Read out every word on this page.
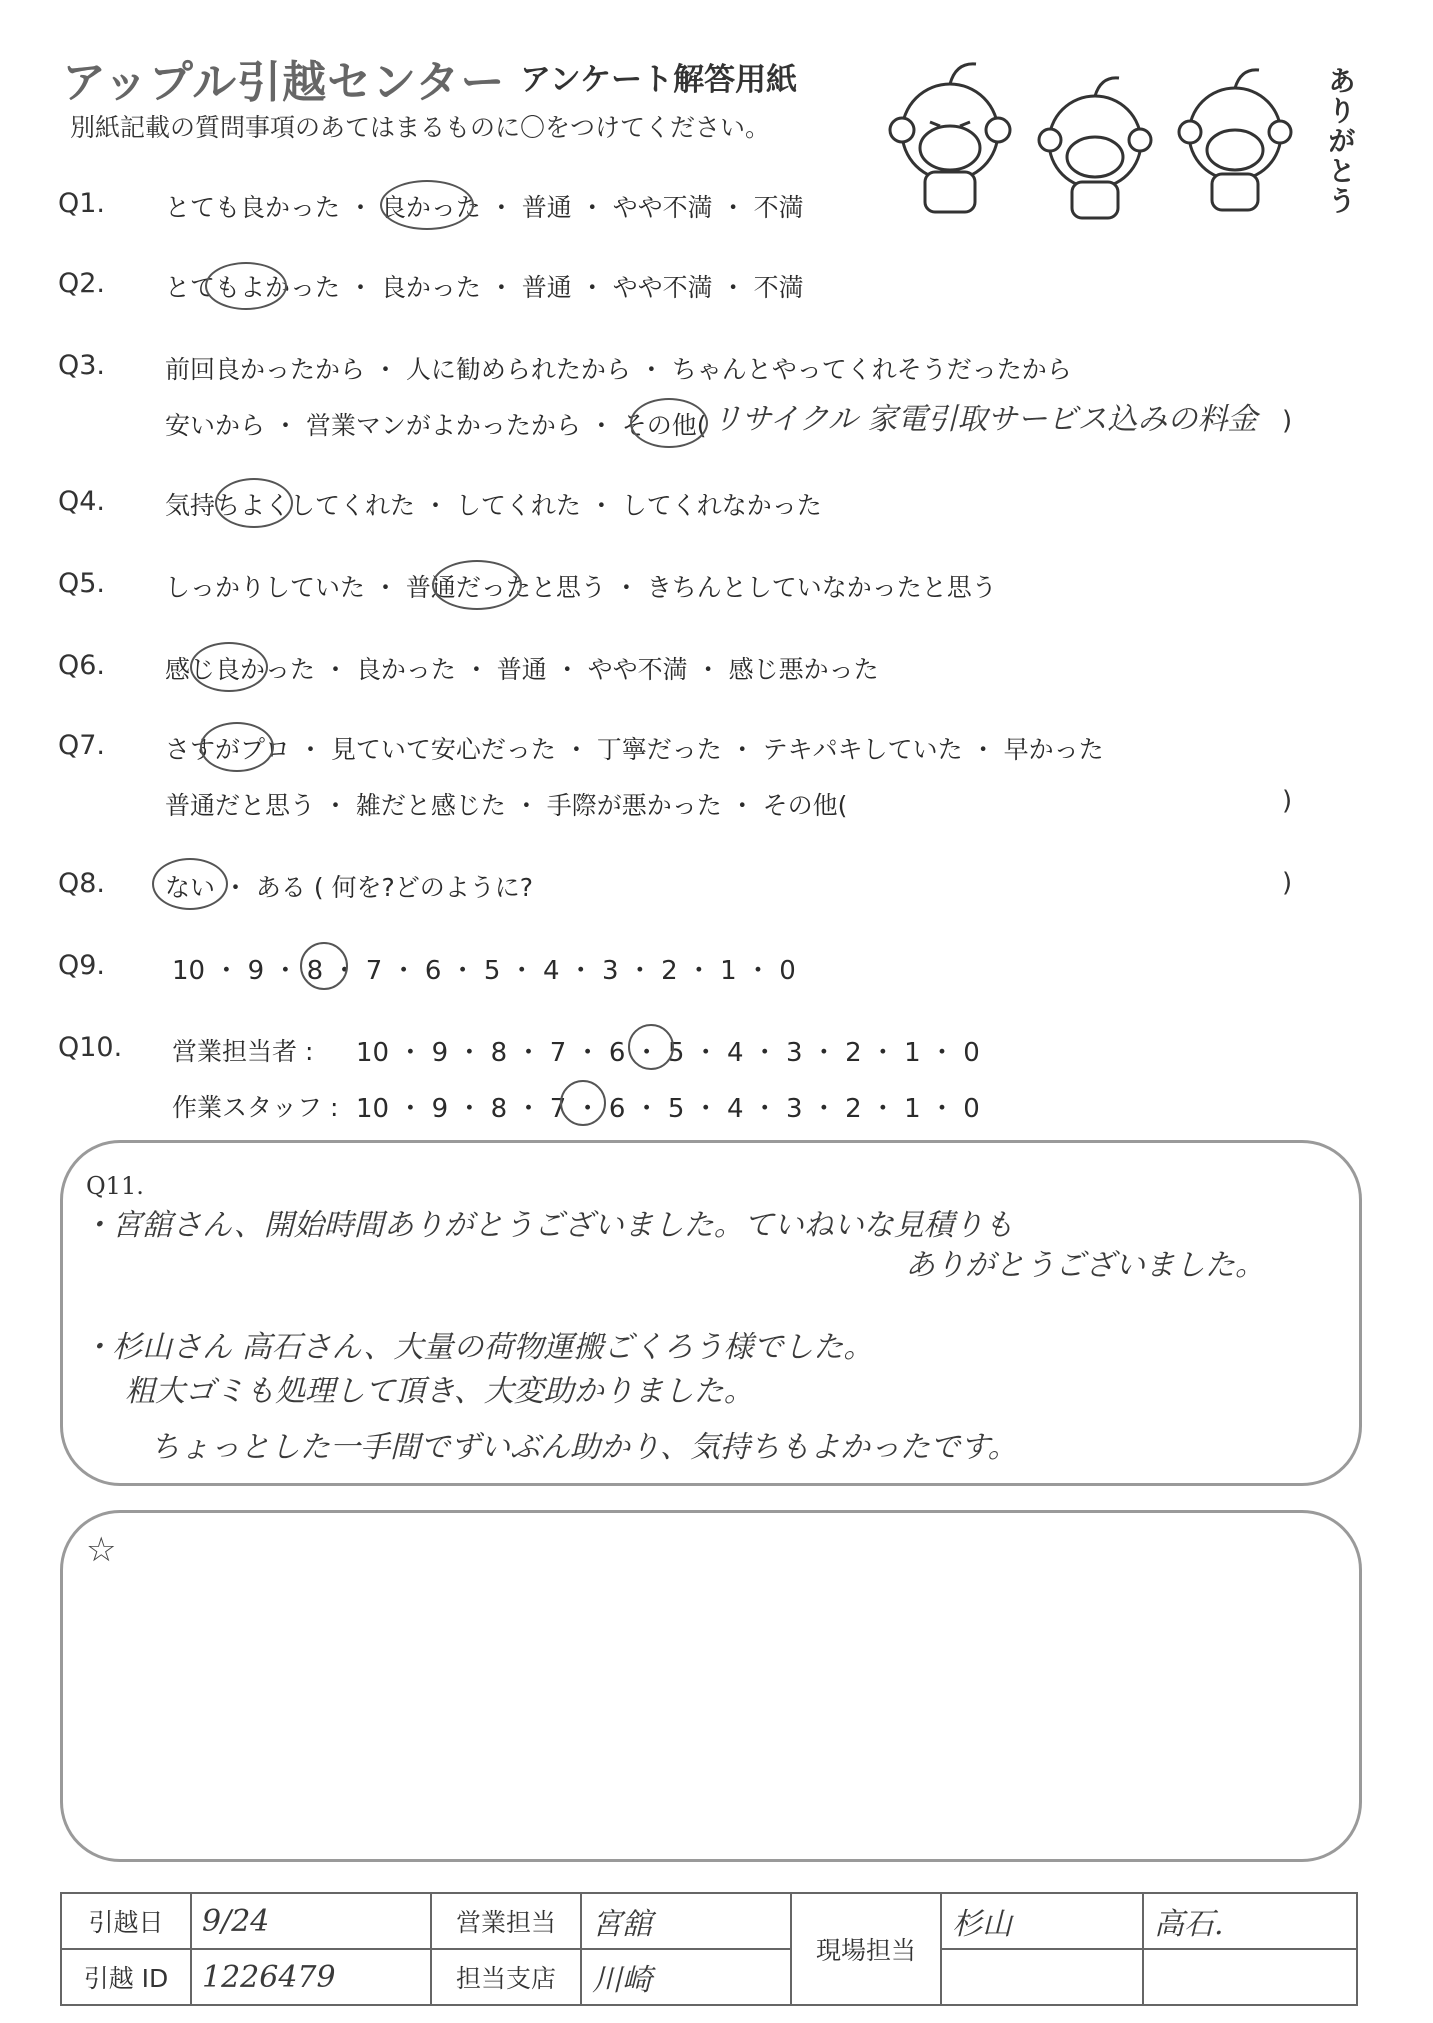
アップル引越センター アンケート解答用紙
別紙記載の質問事項のあてはまるものに〇をつけてください。	ありがとう
Q1. とても良かった ・ 良かった ・ 普通 ・ やや不満 ・ 不満
Q2. とてもよかった ・ 良かった ・ 普通 ・ やや不満 ・ 不満
Q3. 前回良かったから ・ 人に勧められたから ・ ちゃんとやってくれそうだったから
安いから ・ 営業マンがよかったから ・ その他( リサイクル 家電引取サービス込みの料金 )
Q4. 気持ちよくしてくれた ・ してくれた ・ してくれなかった
Q5. しっかりしていた ・ 普通だったと思う ・ きちんとしていなかったと思う
Q6. 感じ良かった ・ 良かった ・ 普通 ・ やや不満 ・ 感じ悪かった
Q7. さすがプロ ・ 見ていて安心だった ・ 丁寧だった ・ テキパキしていた ・ 早かった
普通だと思う ・ 雑だと感じた ・ 手際が悪かった ・ その他(	)
Q8. ない ・ ある ( 何を?どのように?	)
Q9.	10 ・ 9 ・ 8 ・ 7 ・ 6 ・ 5 ・ 4 ・ 3 ・ 2 ・ 1 ・ 0
Q10. 営業担当者 : 10 ・ 9 ・ 8 ・ 7 ・ 6 ・ 5 ・ 4 ・ 3 ・ 2 ・ 1 ・ 0
作業スタッフ : 10 ・ 9 ・ 8 ・ 7 ・ 6 ・ 5 ・ 4 ・ 3 ・ 2 ・ 1 ・ 0
Q11.
・宮舘さん、開始時間ありがとうございました。ていねいな見積りも
ありがとうございました。
・杉山さん 高石さん、大量の荷物運搬ごくろう様でした。
粗大ゴミも処理して頂き、大変助かりました。
ちょっとした一手間でずいぶん助かり、気持ちもよかったです。
☆
引越日	9/24	営業担当	宮舘	現場担当	杉山	高石.
引越 ID	1226479	担当支店	川崎			
